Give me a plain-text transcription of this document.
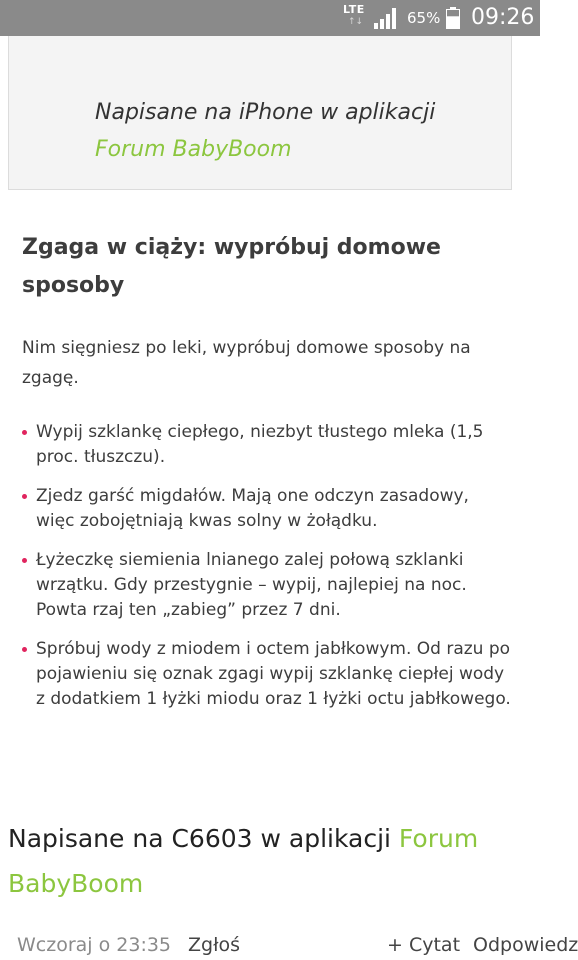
LTE
↑↓	65% 09:26
Napisane na iPhone w aplikacji
Forum BabyBoom
Zgaga w ciąży: wypróbuj domowe sposoby

Nim sięgniesz po leki, wypróbuj domowe sposoby na zgagę.

Wypij szklankę ciepłego, niezbyt tłustego mleka (1,5 proc. tłuszczu).
Zjedz garść migdałów. Mają one odczyn zasadowy, więc zobojętniają kwas solny w żołądku.
Łyżeczkę siemienia lnianego zalej połową szklanki wrzątku. Gdy przestygnie – wypij, najlepiej na noc. Powta rzaj ten „zabieg” przez 7 dni.
Spróbuj wody z miodem i octem jabłkowym. Od razu po pojawieniu się oznak zgagi wypij szklankę ciepłej wody z dodatkiem 1 łyżki miodu oraz 1 łyżki octu jabłkowego.
Napisane na C6603 w aplikacji Forum BabyBoom
Wczoraj o 23:35 Zgłoś	+ Cytat Odpowiedz
